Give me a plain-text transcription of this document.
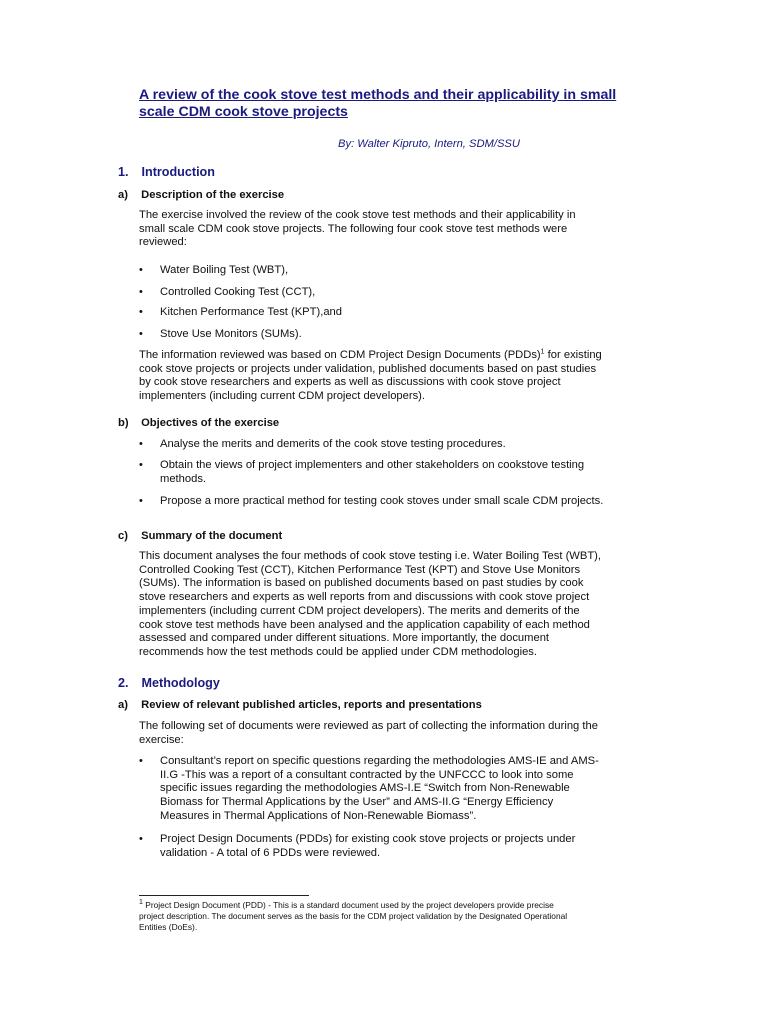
A review of the cook stove test methods and their applicability in small
scale CDM cook stove projects
By: Walter Kipruto, Intern, SDM/SSU
1. Introduction
a) Description of the exercise
The exercise involved the review of the cook stove test methods and their applicability in
small scale CDM cook stove projects. The following four cook stove test methods were
reviewed:
• Water Boiling Test (WBT),
• Controlled Cooking Test (CCT),
• Kitchen Performance Test (KPT),and
• Stove Use Monitors (SUMs).
The information reviewed was based on CDM Project Design Documents (PDDs)$^1$ for existing
cook stove projects or projects under validation, published documents based on past studies
by cook stove researchers and experts as well as discussions with cook stove project
implementers (including current CDM project developers).
b) Objectives of the exercise
• Analyse the merits and demerits of the cook stove testing procedures.
• Obtain the views of project implementers and other stakeholders on cookstove testing
methods.
• Propose a more practical method for testing cook stoves under small scale CDM projects.
c) Summary of the document
This document analyses the four methods of cook stove testing i.e. Water Boiling Test (WBT),
Controlled Cooking Test (CCT), Kitchen Performance Test (KPT) and Stove Use Monitors
(SUMs). The information is based on published documents based on past studies by cook
stove researchers and experts as well reports from and discussions with cook stove project
implementers (including current CDM project developers). The merits and demerits of the
cook stove test methods have been analysed and the application capability of each method
assessed and compared under different situations. More importantly, the document
recommends how the test methods could be applied under CDM methodologies.
2. Methodology
a) Review of relevant published articles, reports and presentations
The following set of documents were reviewed as part of collecting the information during the
exercise:
• Consultant’s report on specific questions regarding the methodologies AMS-IE and AMS-
II.G -This was a report of a consultant contracted by the UNFCCC to look into some
specific issues regarding the methodologies AMS-I.E “Switch from Non-Renewable
Biomass for Thermal Applications by the User” and AMS-II.G “Energy Efficiency
Measures in Thermal Applications of Non-Renewable Biomass”.
• Project Design Documents (PDDs) for existing cook stove projects or projects under
validation - A total of 6 PDDs were reviewed.
$^1$ Project Design Document (PDD) - This is a standard document used by the project developers provide precise
project description. The document serves as the basis for the CDM project validation by the Designated Operational
Entities (DoEs).
